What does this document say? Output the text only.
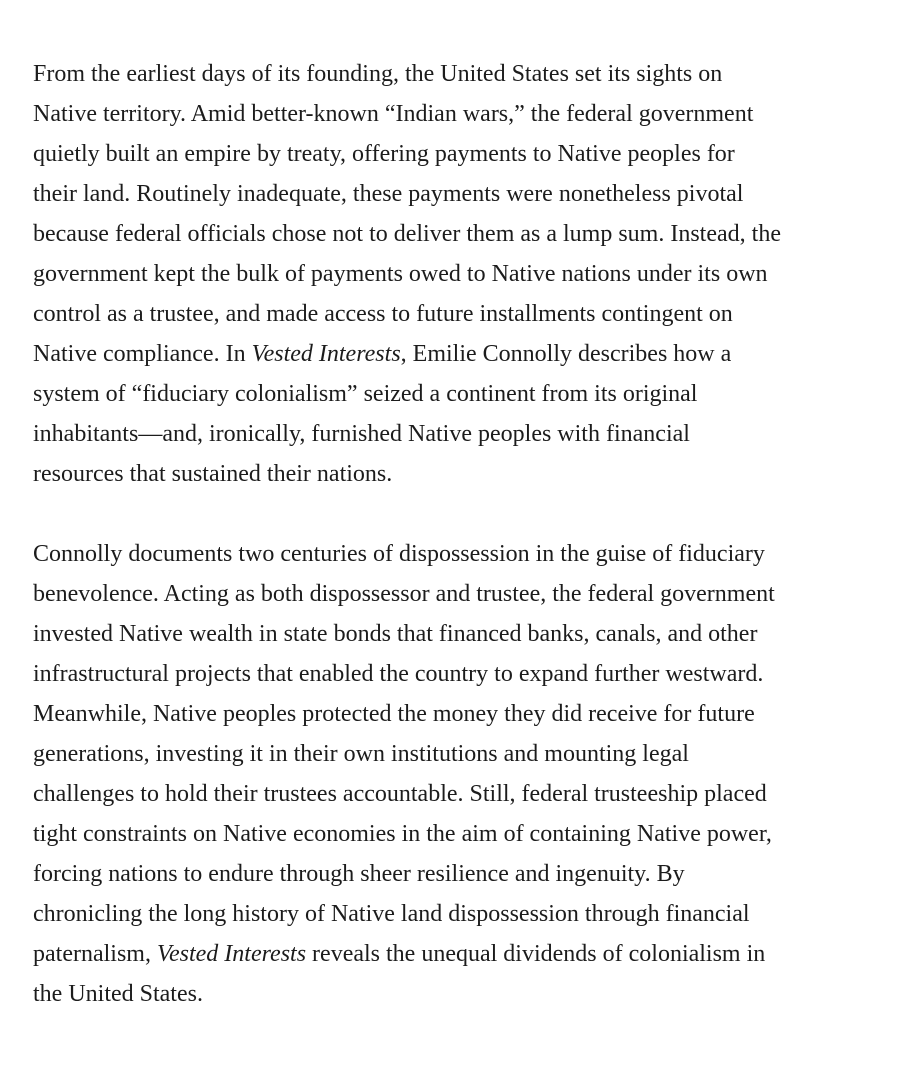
From the earliest days of its founding, the United States set its sights on
Native territory. Amid better-known “Indian wars,” the federal government
quietly built an empire by treaty, offering payments to Native peoples for
their land. Routinely inadequate, these payments were nonetheless pivotal
because federal officials chose not to deliver them as a lump sum. Instead, the
government kept the bulk of payments owed to Native nations under its own
control as a trustee, and made access to future installments contingent on
Native compliance. In Vested Interests, Emilie Connolly describes how a
system of “fiduciary colonialism” seized a continent from its original
inhabitants—and, ironically, furnished Native peoples with financial
resources that sustained their nations.

Connolly documents two centuries of dispossession in the guise of fiduciary
benevolence. Acting as both dispossessor and trustee, the federal government
invested Native wealth in state bonds that financed banks, canals, and other
infrastructural projects that enabled the country to expand further westward.
Meanwhile, Native peoples protected the money they did receive for future
generations, investing it in their own institutions and mounting legal
challenges to hold their trustees accountable. Still, federal trusteeship placed
tight constraints on Native economies in the aim of containing Native power,
forcing nations to endure through sheer resilience and ingenuity. By
chronicling the long history of Native land dispossession through financial
paternalism, Vested Interests reveals the unequal dividends of colonialism in
the United States.
